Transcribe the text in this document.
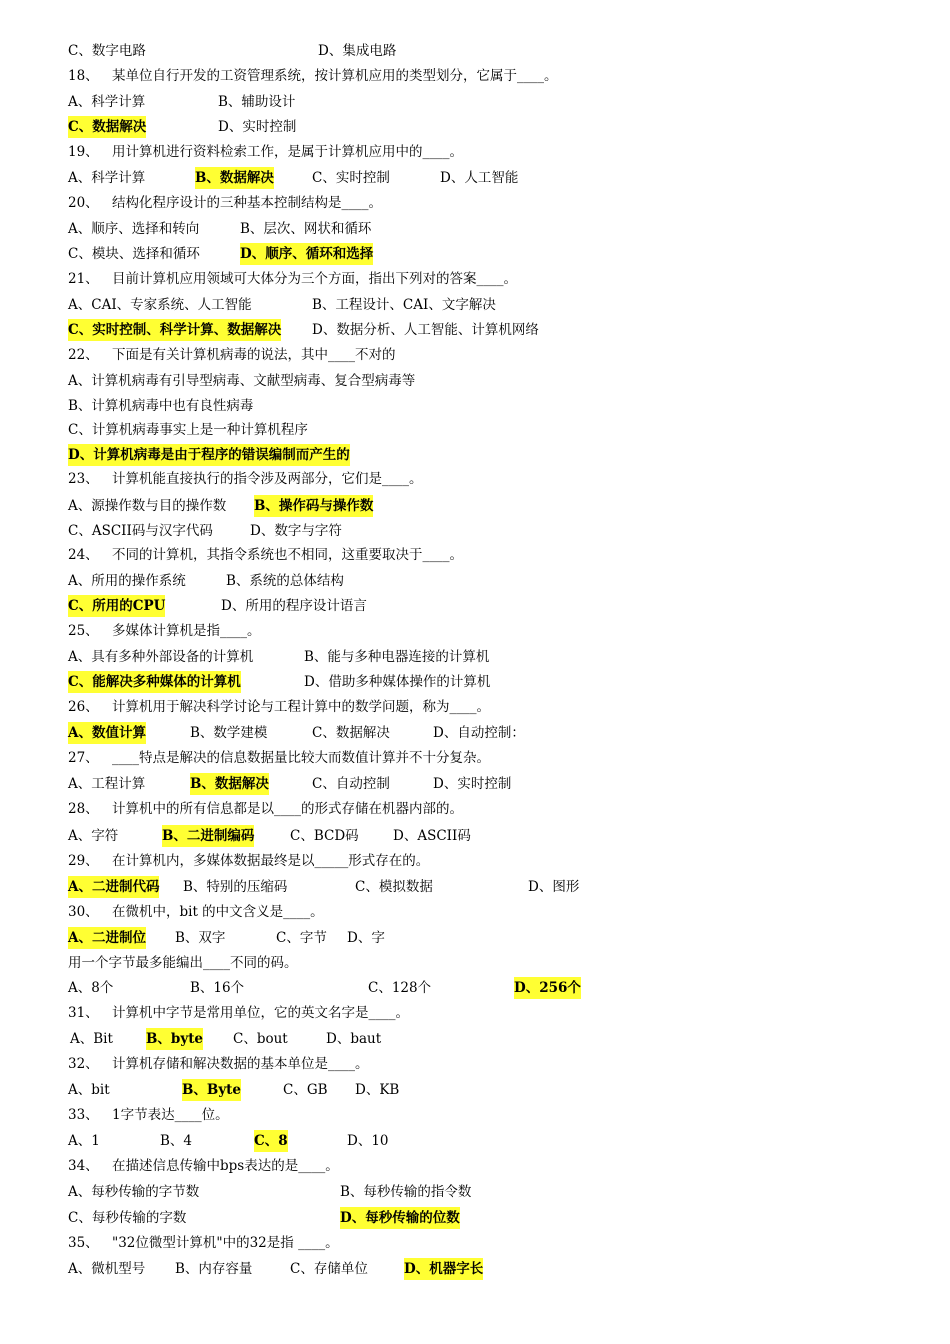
C、数字电路	D、集成电路
18、 某单位自行开发的工资管理系统，按计算机应用的类型划分，它属于____。
A、科学计算	B、辅助设计
C、数据解决	D、实时控制
19、 用计算机进行资料检索工作，是属于计算机应用中的____。
A、科学计算	B、数据解决	C、实时控制	D、人工智能
20、 结构化程序设计的三种基本控制结构是____。
A、顺序、选择和转向	B、层次、网状和循环
C、模块、选择和循环	D、顺序、循环和选择
21、 目前计算机应用领域可大体分为三个方面，指出下列对的答案____。
A、CAI、专家系统、人工智能	B、工程设计、CAI、文字解决
C、实时控制、科学计算、数据解决 D、数据分析、人工智能、计算机网络
22、 下面是有关计算机病毒的说法，其中____不对的
A、计算机病毒有引导型病毒、文献型病毒、复合型病毒等
B、计算机病毒中也有良性病毒
C、计算机病毒事实上是一种计算机程序
D、计算机病毒是由于程序的错误编制而产生的
23、 计算机能直接执行的指令涉及两部分，它们是____。
A、源操作数与目的操作数 B、操作码与操作数
C、ASCII码与汉字代码	D、数字与字符
24、 不同的计算机，其指令系统也不相同，这重要取决于____。
A、所用的操作系统	B、系统的总体结构
C、所用的CPU	D、所用的程序设计语言
25、 多媒体计算机是指____。
A、具有多种外部设备的计算机	B、能与多种电器连接的计算机
C、能解决多种媒体的计算机	D、借助多种媒体操作的计算机
26、 计算机用于解决科学讨论与工程计算中的数学问题，称为____。
A、数值计算	B、数学建模	C、数据解决	D、自动控制：
27、 ____特点是解决的信息数据量比较大而数值计算并不十分复杂。
A、工程计算	B、数据解决	C、自动控制	D、实时控制
28、 计算机中的所有信息都是以____的形式存储在机器内部的。
A、字符	B、二进制编码	C、BCD码	D、ASCII码
29、 在计算机内，多媒体数据最终是以_____形式存在的。
A、二进制代码 B、特别的压缩码	C、模拟数据	D、图形
30、 在微机中，bit 的中文含义是____。
A、二进制位 B、双字	C、字节 D、字
用一个字节最多能编出____不同的码。
A、8个	B、16个	C、128个	D、256个
31、 计算机中字节是常用单位，它的英文名字是____。
A、Bit B、byte C、bout	D、baut
32、 计算机存储和解决数据的基本单位是____。
A、bit	B、Byte	C、GB D、KB
33、 1字节表达____位。
A、1	B、4	C、8	D、10
34、 在描述信息传输中bps表达的是____。
A、每秒传输的字节数	B、每秒传输的指令数
C、每秒传输的字数	D、每秒传输的位数
35、 "32位微型计算机"中的32是指 ____。
A、微机型号 B、内存容量	C、存储单位	D、机器字长
